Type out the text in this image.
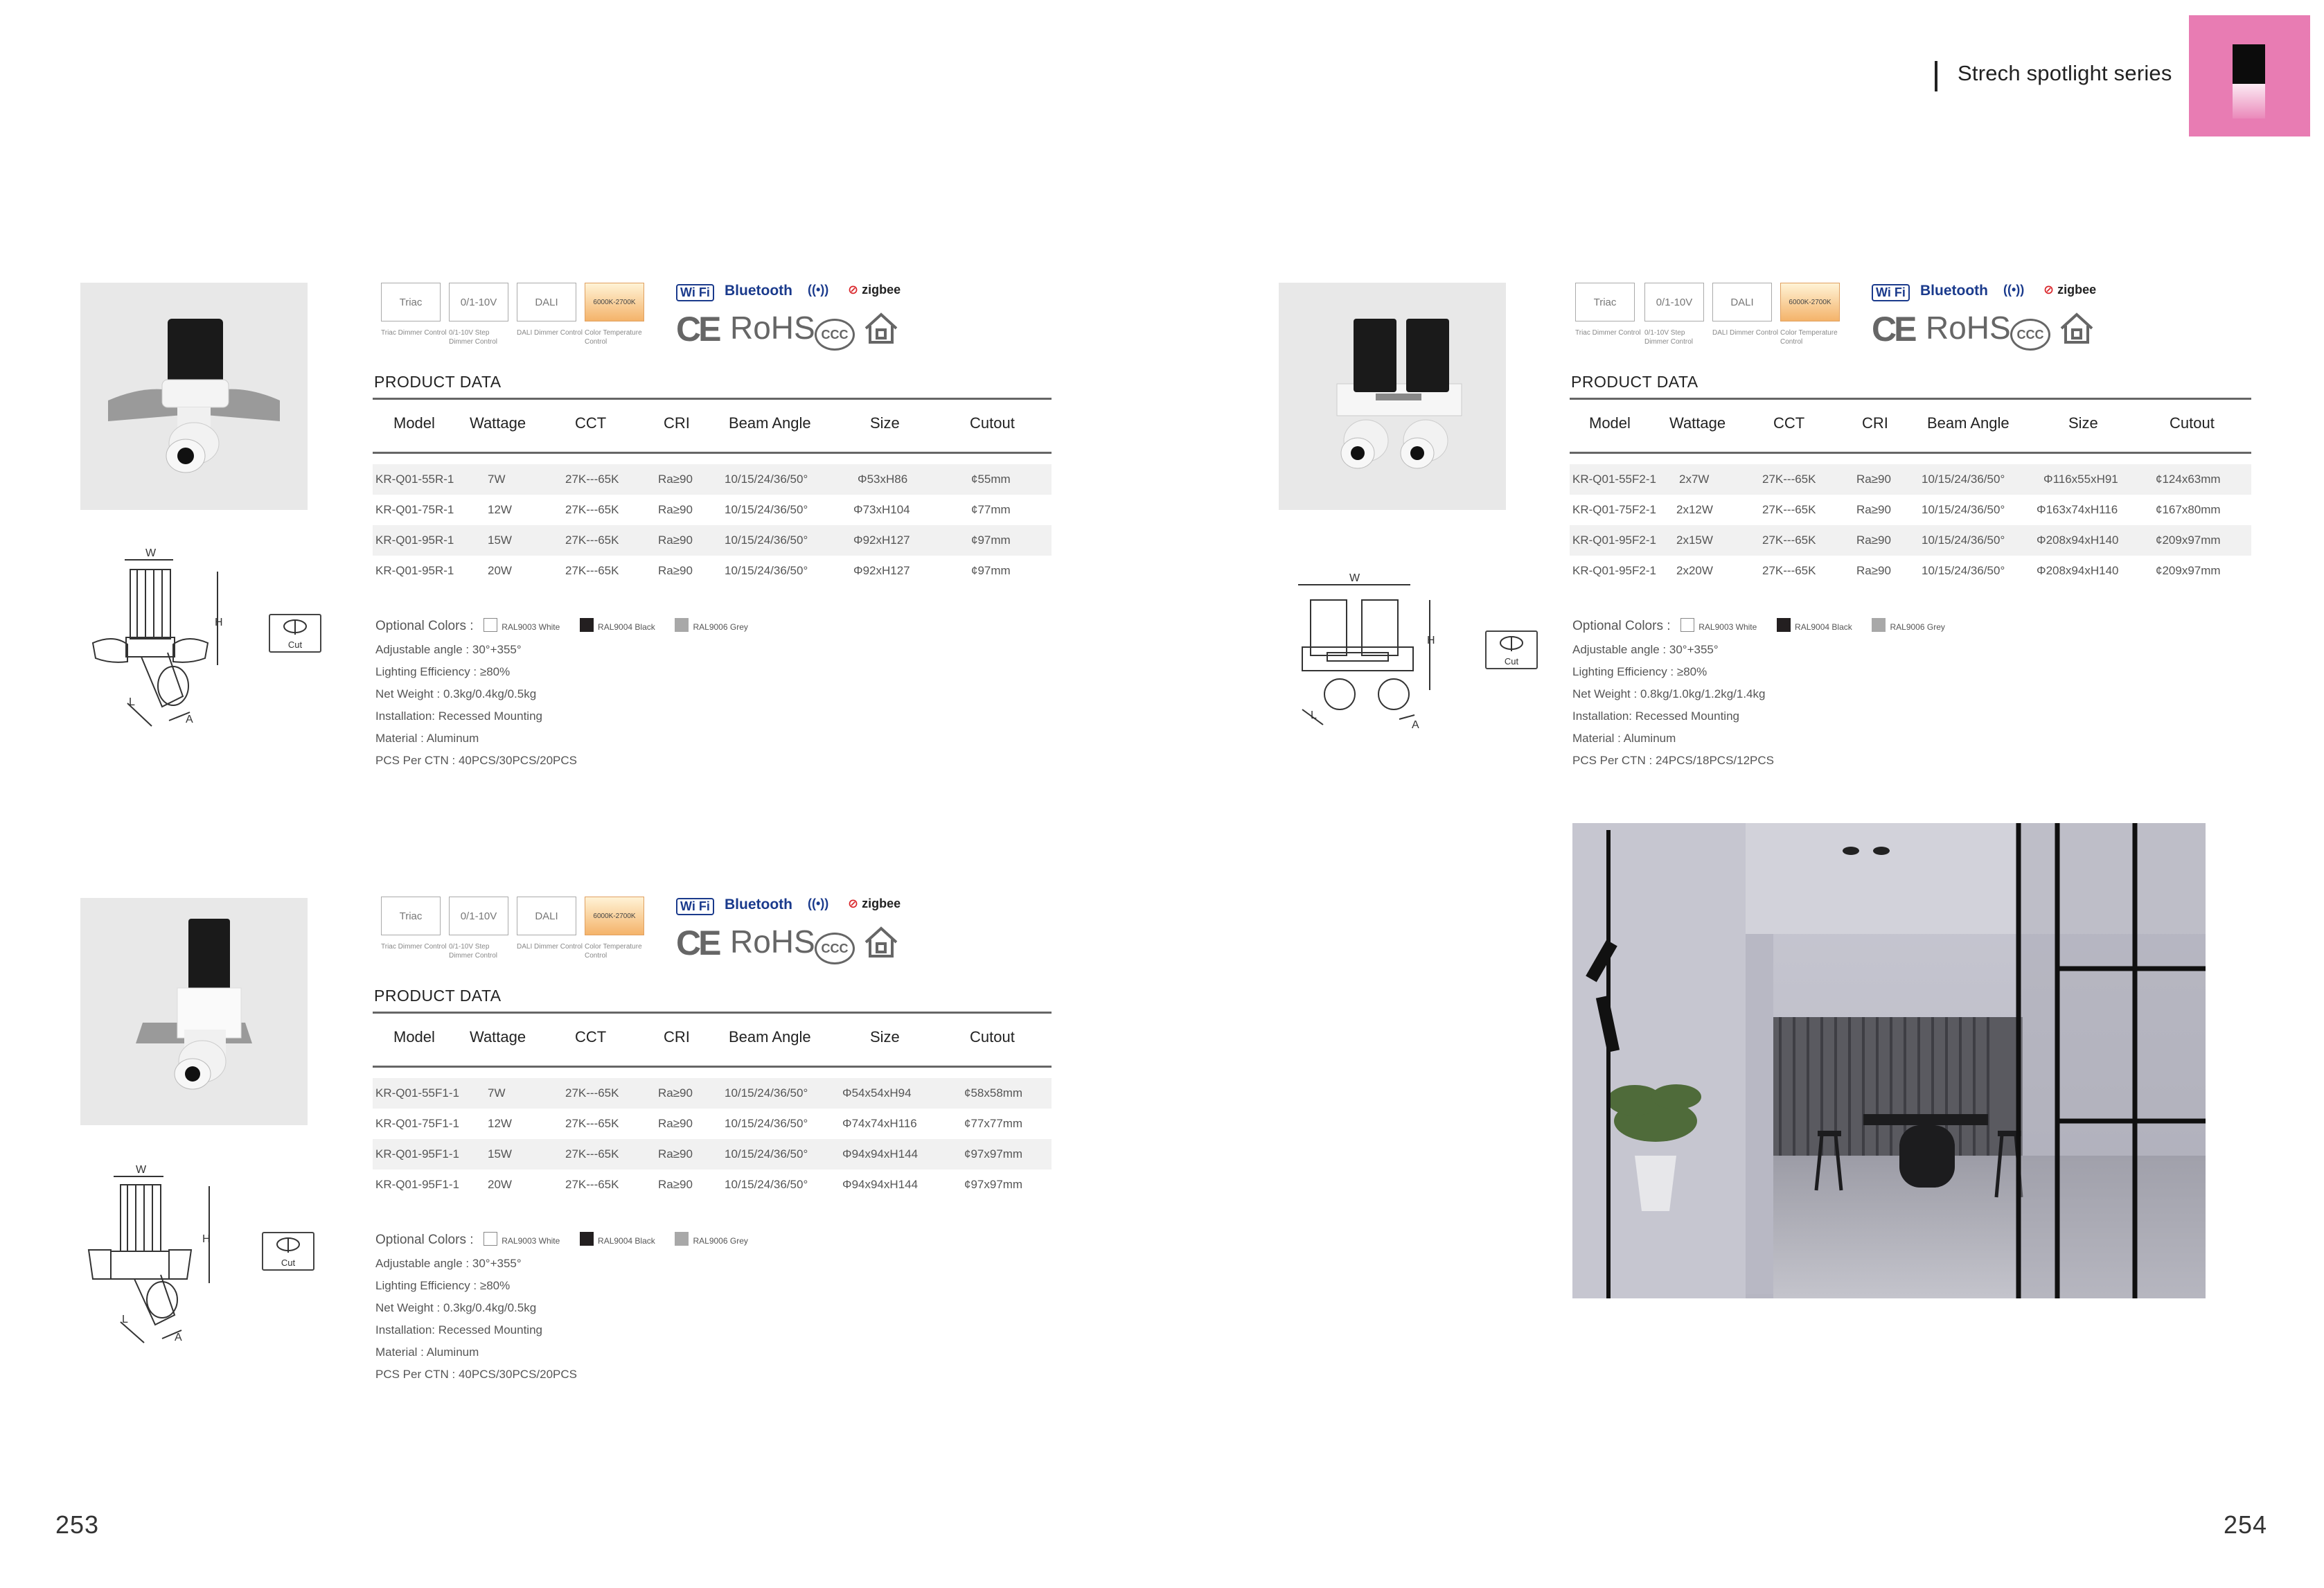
Strech spotlight series
253	254
W
H
L
A
Cut
Triac
Triac Dimmer Control
0/1-10V
0/1-10V Step Dimmer Control
DALI
DALI Dimmer Control
6000K-2700K
Color Temperature Control
Wi Fi Bluetooth ((•)) ⊘ zigbee
CE RoHS CCC
PRODUCT DATA
Model Wattage	CCT	CRI	Beam Angle	Size	Cutout
KR-Q01-55R-1	7W	27K---65K	Ra≥90	10/15/24/36/50°	Φ53xH86	¢55mm
KR-Q01-75R-1	12W	27K---65K	Ra≥90	10/15/24/36/50°	Φ73xH104	¢77mm
KR-Q01-95R-1	15W	27K---65K	Ra≥90	10/15/24/36/50°	Φ92xH127	¢97mm
KR-Q01-95R-1	20W	27K---65K	Ra≥90	10/15/24/36/50°	Φ92xH127	¢97mm
Optional Colors :	RAL9003 White	RAL9004 Black	RAL9006 Grey
Adjustable angle : 30°+355°
Lighting Efficiency : ≥80%
Net Weight : 0.3kg/0.4kg/0.5kg
Installation: Recessed Mounting
Material : Aluminum
PCS Per CTN : 40PCS/30PCS/20PCS
W
H
L
A
Cut
Triac
Triac Dimmer Control
0/1-10V
0/1-10V Step Dimmer Control
DALI
DALI Dimmer Control
6000K-2700K
Color Temperature Control
Wi Fi Bluetooth ((•)) ⊘ zigbee
CE RoHS CCC
PRODUCT DATA
Model Wattage	CCT	CRI	Beam Angle	Size	Cutout
KR-Q01-55F1-1 7W	27K---65K	Ra≥90	10/15/24/36/50°	Φ54x54xH94	¢58x58mm
KR-Q01-75F1-1 12W	27K---65K	Ra≥90	10/15/24/36/50°	Φ74x74xH116	¢77x77mm
KR-Q01-95F1-1 15W	27K---65K	Ra≥90	10/15/24/36/50°	Φ94x94xH144	¢97x97mm
KR-Q01-95F1-1 20W	27K---65K	Ra≥90	10/15/24/36/50°	Φ94x94xH144	¢97x97mm
Optional Colors :	RAL9003 White	RAL9004 Black	RAL9006 Grey
Adjustable angle : 30°+355°
Lighting Efficiency : ≥80%
Net Weight : 0.3kg/0.4kg/0.5kg
Installation: Recessed Mounting
Material : Aluminum
PCS Per CTN : 40PCS/30PCS/20PCS
W
H
L
A
Cut
Triac
Triac Dimmer Control
0/1-10V
0/1-10V Step Dimmer Control
DALI
DALI Dimmer Control
6000K-2700K
Color Temperature Control
Wi Fi Bluetooth ((•)) ⊘ zigbee
CE RoHS CCC
PRODUCT DATA
Model	Wattage	CCT	CRI	Beam Angle	Size	Cutout
KR-Q01-55F2-1 2x7W	27K---65K	Ra≥90	10/15/24/36/50°	Φ116x55xH91	¢124x63mm
KR-Q01-75F2-1 2x12W	27K---65K	Ra≥90	10/15/24/36/50°	Φ163x74xH116	¢167x80mm
KR-Q01-95F2-1 2x15W	27K---65K	Ra≥90	10/15/24/36/50°	Φ208x94xH140	¢209x97mm
KR-Q01-95F2-1 2x20W	27K---65K	Ra≥90	10/15/24/36/50°	Φ208x94xH140	¢209x97mm
Optional Colors :	RAL9003 White	RAL9004 Black	RAL9006 Grey
Adjustable angle : 30°+355°
Lighting Efficiency : ≥80%
Net Weight : 0.8kg/1.0kg/1.2kg/1.4kg
Installation: Recessed Mounting
Material : Aluminum
PCS Per CTN : 24PCS/18PCS/12PCS
